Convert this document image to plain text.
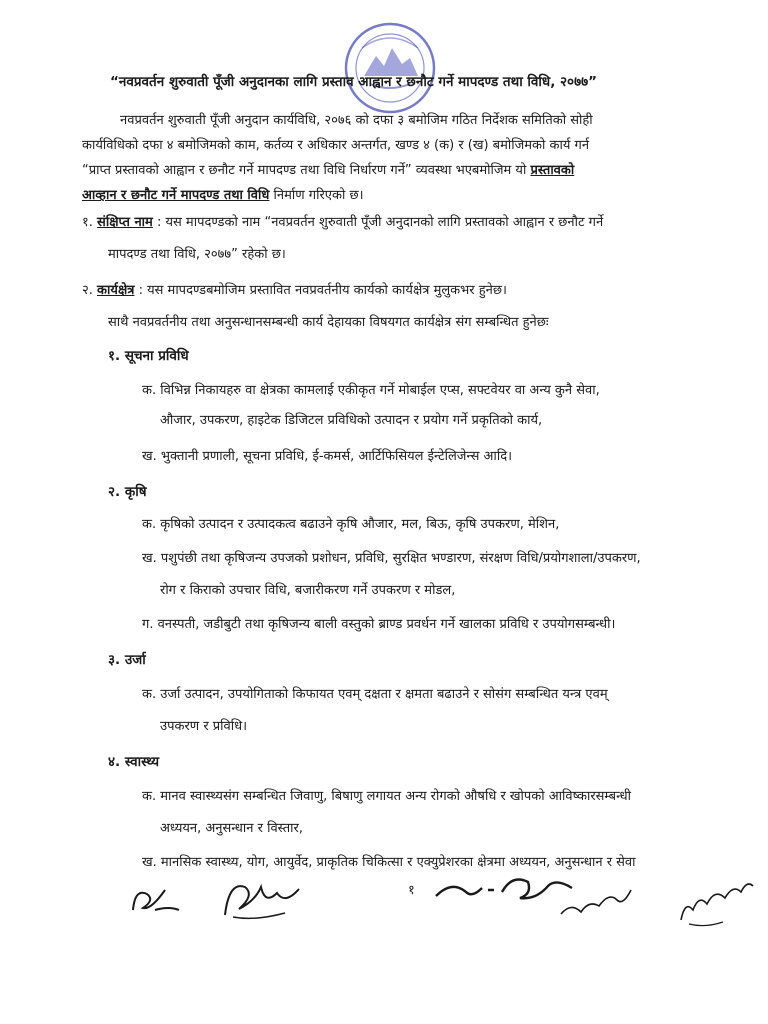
“नवप्रवर्तन शुरुवाती पूँजी अनुदानका लागि प्रस्ताव आह्वान र छनौट गर्ने मापदण्ड तथा विधि, २०७७”
नवप्रवर्तन शुरुवाती पूँजी अनुदान कार्यविधि, २०७६ को दफा ३ बमोजिम गठित निर्देशक समितिको सोही
कार्यविधिको दफा ४ बमोजिमको काम, कर्तव्य र अधिकार अन्तर्गत, खण्ड ४ (क) र (ख) बमोजिमको कार्य गर्न
“प्राप्त प्रस्तावको आह्वान र छनौट गर्ने मापदण्ड तथा विधि निर्धारण गर्ने” व्यवस्था भएबमोजिम यो प्रस्तावको
आव्हान र छनौट गर्ने मापदण्ड तथा विधि निर्माण गरिएको छ।
१. संक्षिप्त नाम : यस मापदण्डको नाम “नवप्रवर्तन शुरुवाती पूँजी अनुदानको लागि प्रस्तावको आह्वान र छनौट गर्ने
मापदण्ड तथा विधि, २०७७” रहेको छ।
२. कार्यक्षेत्र : यस मापदण्डबमोजिम प्रस्तावित नवप्रवर्तनीय कार्यको कार्यक्षेत्र मुलुकभर हुनेछ।
साथै नवप्रवर्तनीय तथा अनुसन्धानसम्बन्धी कार्य देहायका विषयगत कार्यक्षेत्र संग सम्बन्धित हुनेछः
१. सूचना प्रविधि
क. विभिन्न निकायहरु वा क्षेत्रका कामलाई एकीकृत गर्ने मोबाईल एप्स, सफ्टवेयर वा अन्य कुनै सेवा,
औजार, उपकरण, हाइटेक डिजिटल प्रविधिको उत्पादन र प्रयोग गर्ने प्रकृतिको कार्य,
ख. भुक्तानी प्रणाली, सूचना प्रविधि, ई-कमर्स, आर्टिफिसियल ईन्टेलिजेन्स आदि।
२. कृषि
क. कृषिको उत्पादन र उत्पादकत्व बढाउने कृषि औजार, मल, बिऊ, कृषि उपकरण, मेशिन,
ख. पशुपंछी तथा कृषिजन्य उपजको प्रशोधन, प्रविधि, सुरक्षित भण्डारण, संरक्षण विधि/प्रयोगशाला/उपकरण,
रोग र किराको उपचार विधि, बजारीकरण गर्ने उपकरण र मोडल,
ग. वनस्पती, जडीबुटी तथा कृषिजन्य बाली वस्तुको ब्राण्ड प्रवर्धन गर्ने खालका प्रविधि र उपयोगसम्बन्धी।
३. उर्जा
क. उर्जा उत्पादन, उपयोगिताको किफायत एवम् दक्षता र क्षमता बढाउने र सोसंग सम्बन्धित यन्त्र एवम्
उपकरण र प्रविधि।
४. स्वास्थ्य
क. मानव स्वास्थ्यसंग सम्बन्धित जिवाणु, बिषाणु लगायत अन्य रोगको औषधि र खोपको आविष्कारसम्बन्धी
अध्ययन, अनुसन्धान र विस्तार,
ख. मानसिक स्वास्थ्य, योग, आयुर्वेद, प्राकृतिक चिकित्सा र एक्युप्रेशरका क्षेत्रमा अध्ययन, अनुसन्धान र सेवा
१
